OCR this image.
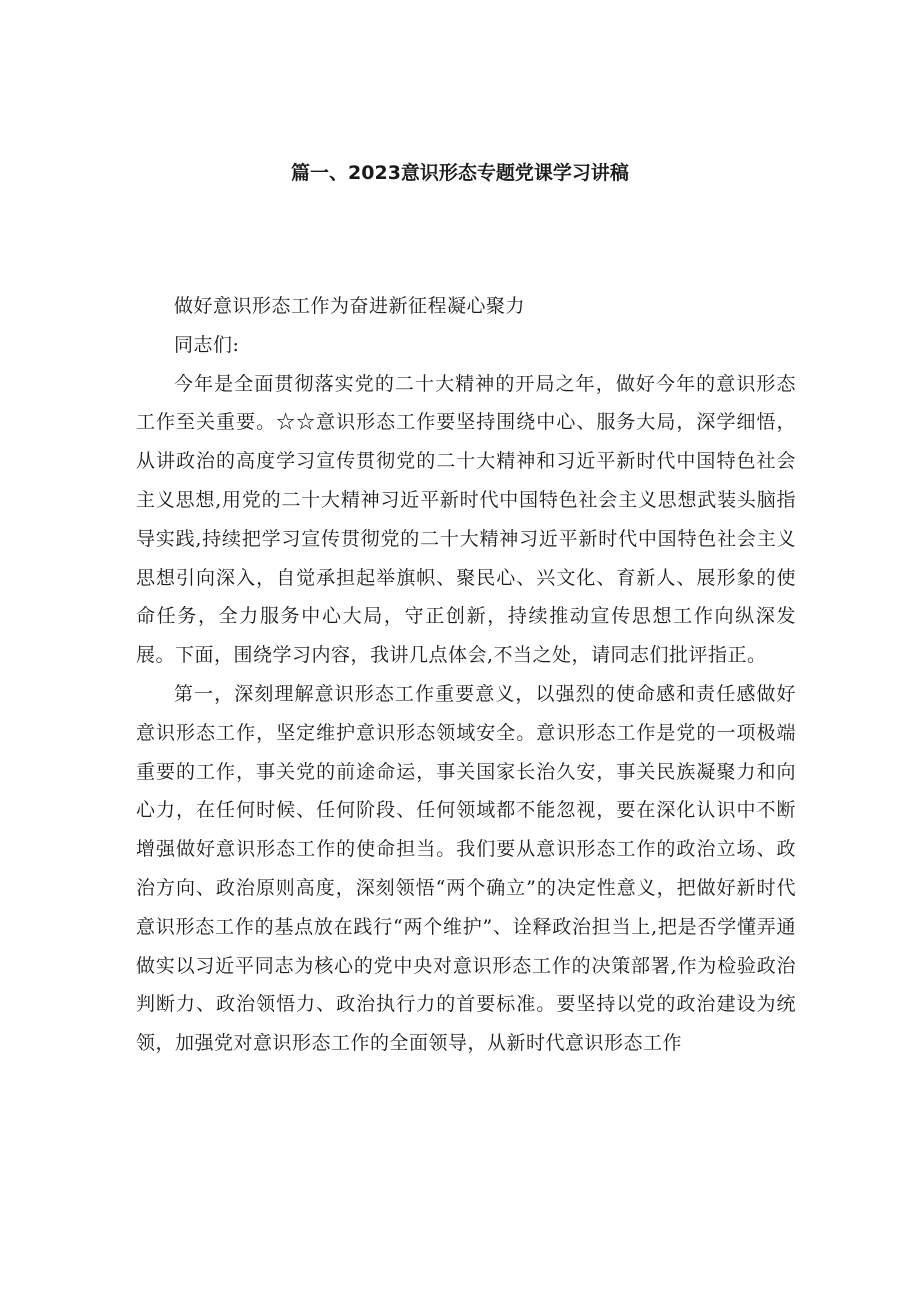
篇一、2023意识形态专题党课学习讲稿

做好意识形态工作为奋进新征程凝心聚力

同志们:

今年是全面贯彻落实党的二十大精神的开局之年，做好今年的意识形态工作至关重要。☆☆意识形态工作要坚持围绕中心、服务大局，深学细悟，从讲政治的高度学习宣传贯彻党的二十大精神和习近平新时代中国特色社会主义思想,用党的二十大精神习近平新时代中国特色社会主义思想武装头脑指导实践,持续把学习宣传贯彻党的二十大精神习近平新时代中国特色社会主义思想引向深入，自觉承担起举旗帜、聚民心、兴文化、育新人、展形象的使命任务，全力服务中心大局，守正创新，持续推动宣传思想工作向纵深发展。下面，围绕学习内容，我讲几点体会,不当之处，请同志们批评指正。

第一，深刻理解意识形态工作重要意义，以强烈的使命感和责任感做好意识形态工作，坚定维护意识形态领域安全。意识形态工作是党的一项极端重要的工作，事关党的前途命运，事关国家长治久安，事关民族凝聚力和向心力，在任何时候、任何阶段、任何领域都不能忽视，要在深化认识中不断增强做好意识形态工作的使命担当。我们要从意识形态工作的政治立场、政治方向、政治原则高度，深刻领悟“两个确立”的决定性意义，把做好新时代意识形态工作的基点放在践行“两个维护”、诠释政治担当上,把是否学懂弄通做实以习近平同志为核心的党中央对意识形态工作的决策部署,作为检验政治判断力、政治领悟力、政治执行力的首要标准。要坚持以党的政治建设为统领，加强党对意识形态工作的全面领导，从新时代意识形态工作
